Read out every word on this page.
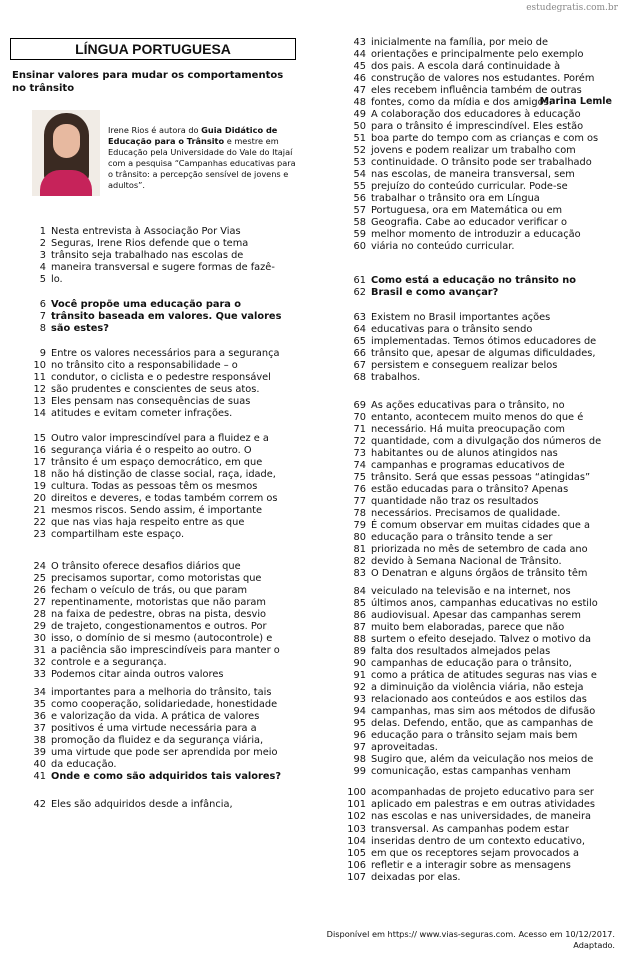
estudegratis.com.br
LÍNGUA PORTUGUESA
Ensinar valores para mudar os comportamentos no trânsito
Marina Lemle
Irene Rios é autora do Guia Didático de Educação para o Trânsito e mestre em Educação pela Universidade do Vale do Itajaí com a pesquisa “Campanhas educativas para o trânsito: a percepção sensível de jovens e adultos”.
1 Nesta entrevista à Associação Por Vias
2 Seguras, Irene Rios defende que o tema
3 trânsito seja trabalhado nas escolas de
4 maneira transversal e sugere formas de fazê-
5 lo.
6 Você propõe uma educação para o
7 trânsito baseada em valores. Que valores
8 são estes?
9 Entre os valores necessários para a segurança
10 no trânsito cito a responsabilidade – o
11 condutor, o ciclista e o pedestre responsável
12 são prudentes e conscientes de seus atos.
13 Eles pensam nas consequências de suas
14 atitudes e evitam cometer infrações.
15 Outro valor imprescindível para a fluidez e a
16 segurança viária é o respeito ao outro. O
17 trânsito é um espaço democrático, em que
18 não há distinção de classe social, raça, idade,
19 cultura. Todas as pessoas têm os mesmos
20 direitos e deveres, e todas também correm os
21 mesmos riscos. Sendo assim, é importante
22 que nas vias haja respeito entre as que
23 compartilham este espaço.
24 O trânsito oferece desafios diários que
25 precisamos suportar, como motoristas que
26 fecham o veículo de trás, ou que param
27 repentinamente, motoristas que não param
28 na faixa de pedestre, obras na pista, desvio
29 de trajeto, congestionamentos e outros. Por
30 isso, o domínio de si mesmo (autocontrole) e
31 a paciência são imprescindíveis para manter o
32 controle e a segurança.
33 Podemos citar ainda outros valores
34 importantes para a melhoria do trânsito, tais
35 como cooperação, solidariedade, honestidade
36 e valorização da vida. A prática de valores
37 positivos é uma virtude necessária para a
38 promoção da fluidez e da segurança viária,
39 uma virtude que pode ser aprendida por meio
40 da educação.
41 Onde e como são adquiridos tais valores?
42 Eles são adquiridos desde a infância,
43 inicialmente na família, por meio de
44 orientações e principalmente pelo exemplo
45 dos pais. A escola dará continuidade à
46 construção de valores nos estudantes. Porém
47 eles recebem influência também de outras
48 fontes, como da mídia e dos amigos.
49 A colaboração dos educadores à educação
50 para o trânsito é imprescindível. Eles estão
51 boa parte do tempo com as crianças e com os
52 jovens e podem realizar um trabalho com
53 continuidade. O trânsito pode ser trabalhado
54 nas escolas, de maneira transversal, sem
55 prejuízo do conteúdo curricular. Pode-se
56 trabalhar o trânsito ora em Língua
57 Portuguesa, ora em Matemática ou em
58 Geografia. Cabe ao educador verificar o
59 melhor momento de introduzir a educação
60 viária no conteúdo curricular.
61 Como está a educação no trânsito no
62 Brasil e como avançar?
63 Existem no Brasil importantes ações
64 educativas para o trânsito sendo
65 implementadas. Temos ótimos educadores de
66 trânsito que, apesar de algumas dificuldades,
67 persistem e conseguem realizar belos
68 trabalhos.
69 As ações educativas para o trânsito, no
70 entanto, acontecem muito menos do que é
71 necessário. Há muita preocupação com
72 quantidade, com a divulgação dos números de
73 habitantes ou de alunos atingidos nas
74 campanhas e programas educativos de
75 trânsito. Será que essas pessoas “atingidas”
76 estão educadas para o trânsito? Apenas
77 quantidade não traz os resultados
78 necessários. Precisamos de qualidade.
79 É comum observar em muitas cidades que a
80 educação para o trânsito tende a ser
81 priorizada no mês de setembro de cada ano
82 devido à Semana Nacional de Trânsito.
83 O Denatran e alguns órgãos de trânsito têm
84 veiculado na televisão e na internet, nos
85 últimos anos, campanhas educativas no estilo
86 audiovisual. Apesar das campanhas serem
87 muito bem elaboradas, parece que não
88 surtem o efeito desejado. Talvez o motivo da
89 falta dos resultados almejados pelas
90 campanhas de educação para o trânsito,
91 como a prática de atitudes seguras nas vias e
92 a diminuição da violência viária, não esteja
93 relacionado aos conteúdos e aos estilos das
94 campanhas, mas sim aos métodos de difusão
95 delas. Defendo, então, que as campanhas de
96 educação para o trânsito sejam mais bem
97 aproveitadas.
98 Sugiro que, além da veiculação nos meios de
99 comunicação, estas campanhas venham
100 acompanhadas de projeto educativo para ser
101 aplicado em palestras e em outras atividades
102 nas escolas e nas universidades, de maneira
103 transversal. As campanhas podem estar
104 inseridas dentro de um contexto educativo,
105 em que os receptores sejam provocados a
106 refletir e a interagir sobre as mensagens
107 deixadas por elas.
Disponível em https:// www.vias-seguras.com. Acesso em 10/12/2017. Adaptado.
